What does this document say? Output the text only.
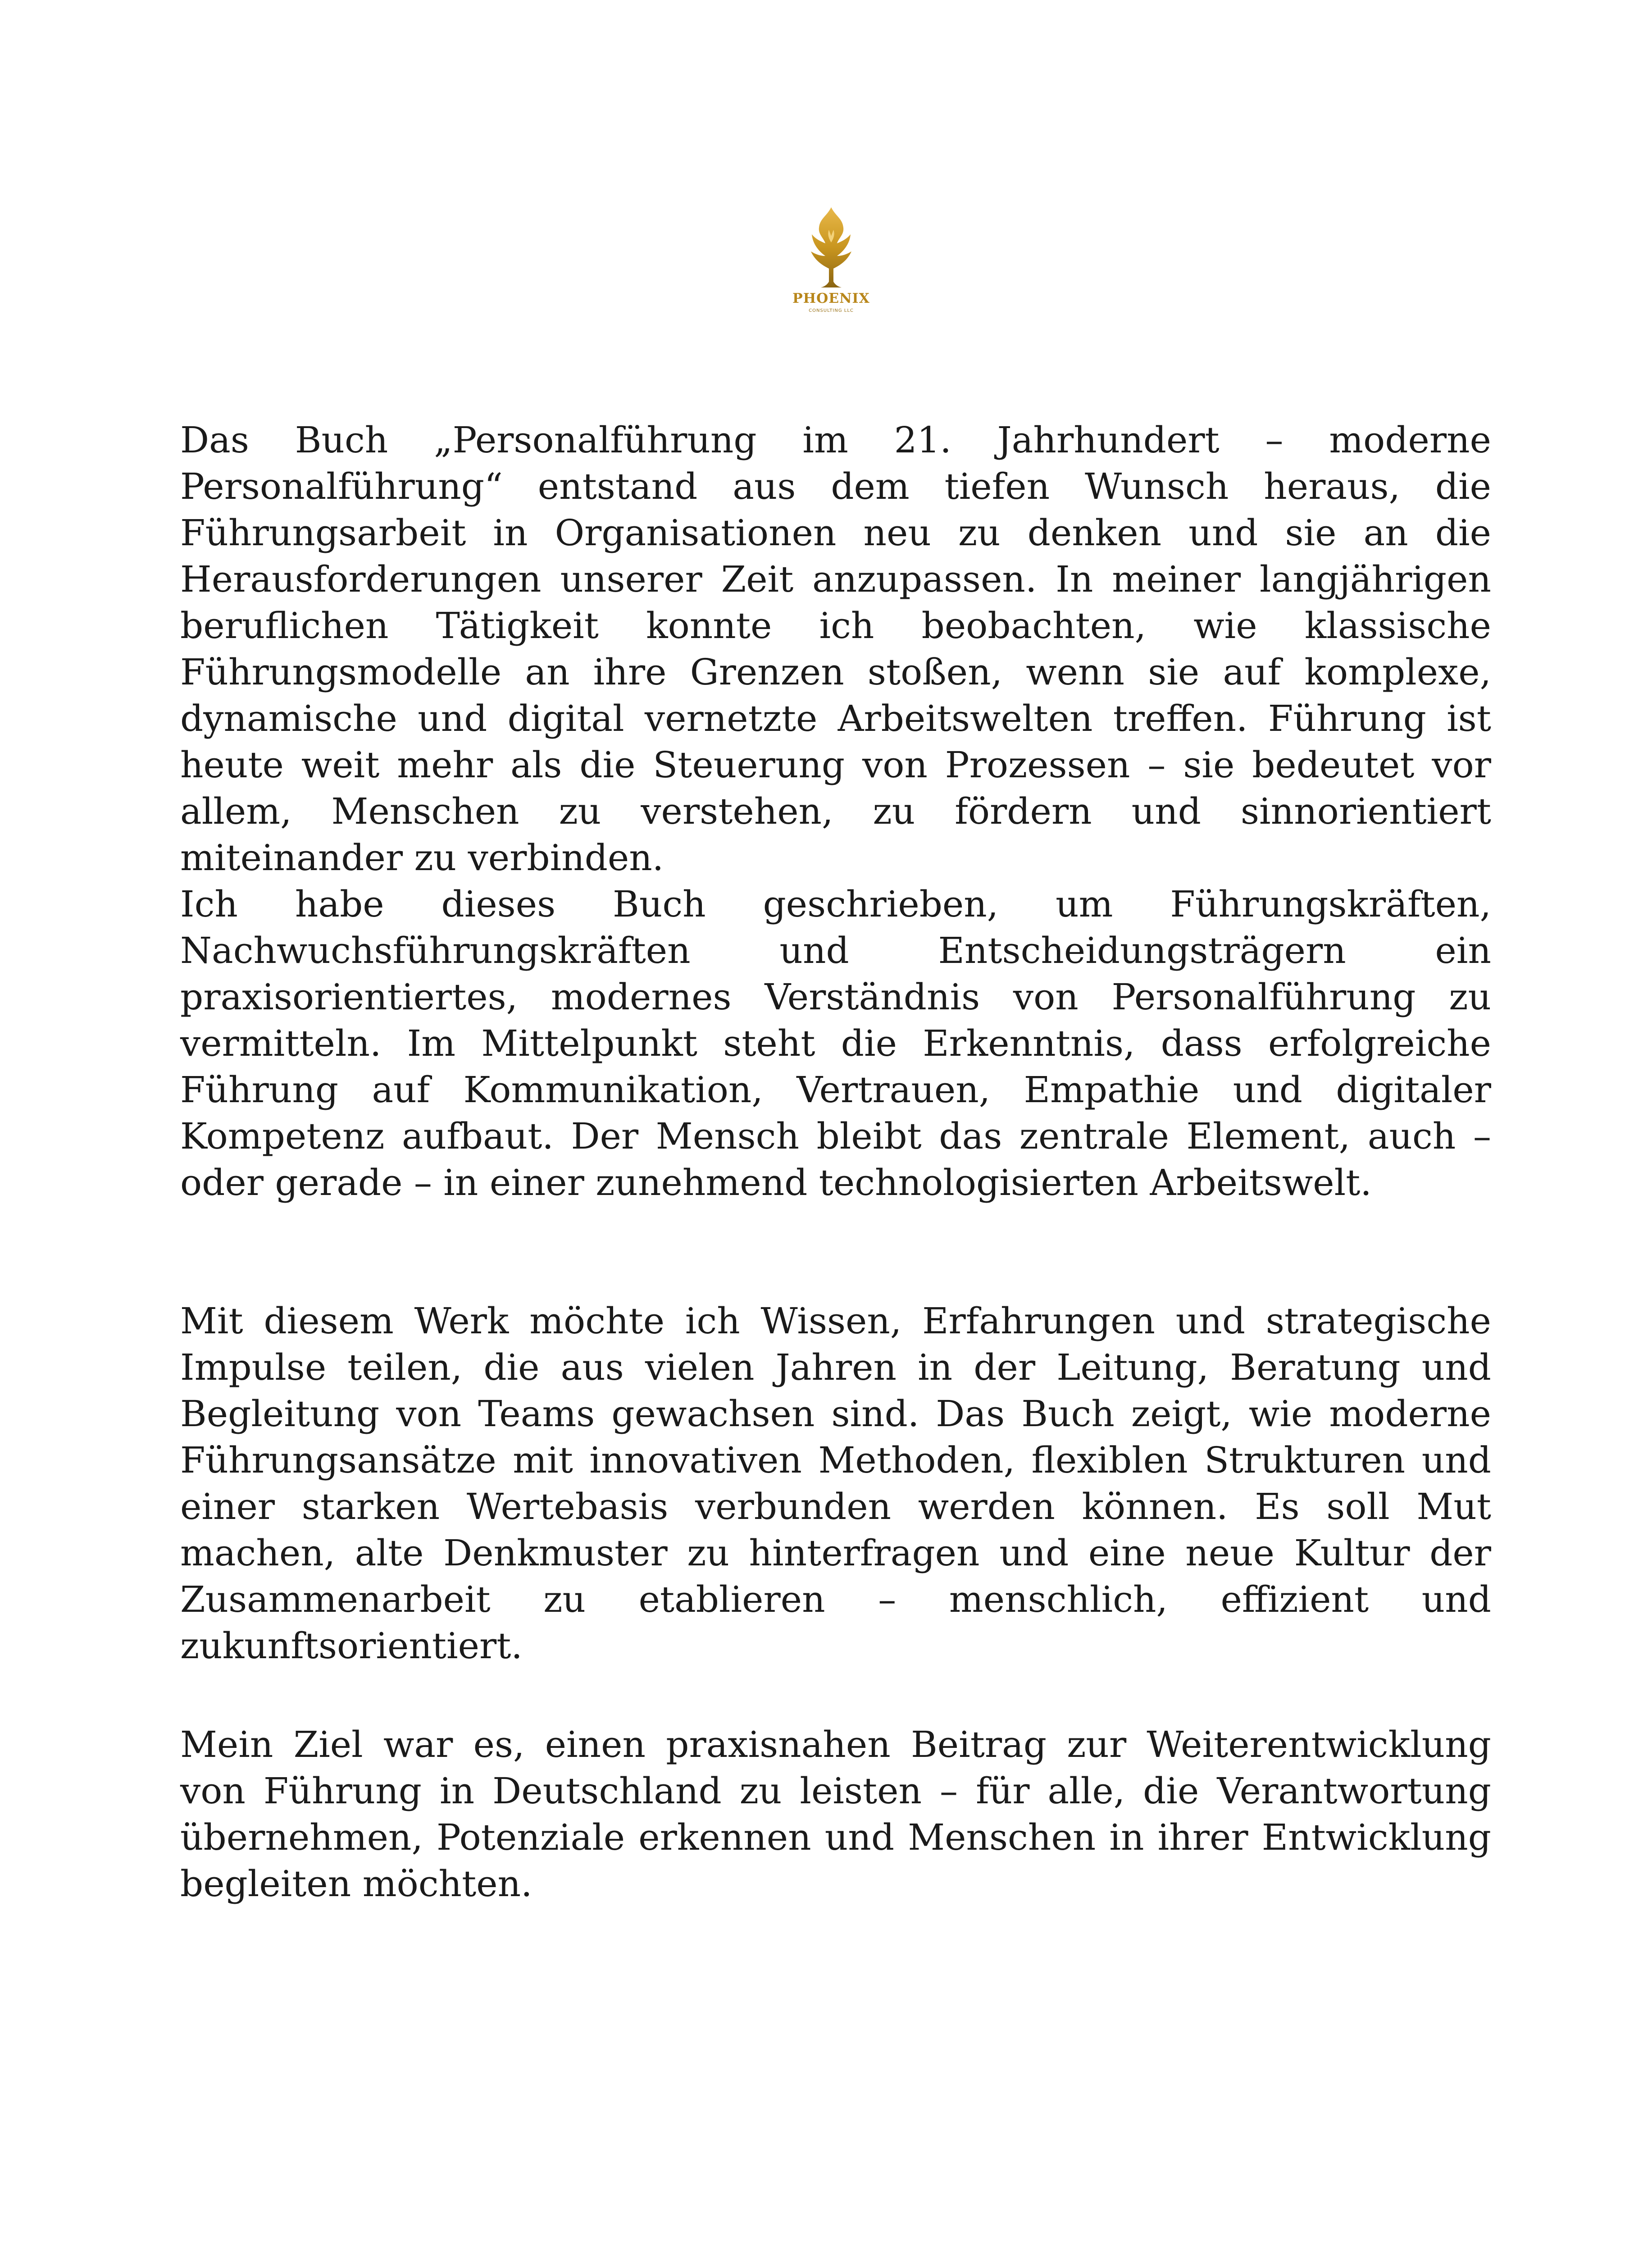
PHOENIX
CONSULTING LLC

Das Buch „Personalführung im 21. Jahrhundert – moderne Personalführung“ entstand aus dem tiefen Wunsch heraus, die Führungsarbeit in Organisationen neu zu denken und sie an die Herausforderungen unserer Zeit anzupassen. In meiner langjährigen beruflichen Tätigkeit konnte ich beobachten, wie klassische Führungsmodelle an ihre Grenzen stoßen, wenn sie auf komplexe, dynamische und digital vernetzte Arbeitswelten treffen. Führung ist heute weit mehr als die Steuerung von Prozessen – sie bedeutet vor allem, Menschen zu verstehen, zu fördern und sinnorientiert miteinander zu verbinden.

Ich habe dieses Buch geschrieben, um Führungskräften, Nachwuchsführungskräften und Entscheidungsträgern ein praxisorientiertes, modernes Verständnis von Personalführung zu vermitteln. Im Mittelpunkt steht die Erkenntnis, dass erfolgreiche Führung auf Kommunikation, Vertrauen, Empathie und digitaler Kompetenz aufbaut. Der Mensch bleibt das zentrale Element, auch – oder gerade – in einer zunehmend technologisierten Arbeitswelt.

Mit diesem Werk möchte ich Wissen, Erfahrungen und strategische Impulse teilen, die aus vielen Jahren in der Leitung, Beratung und Begleitung von Teams gewachsen sind. Das Buch zeigt, wie moderne Führungsansätze mit innovativen Methoden, flexiblen Strukturen und einer starken Wertebasis verbunden werden können. Es soll Mut machen, alte Denkmuster zu hinterfragen und eine neue Kultur der Zusammenarbeit zu etablieren – menschlich, effizient und zukunftsorientiert.

Mein Ziel war es, einen praxisnahen Beitrag zur Weiterentwicklung von Führung in Deutschland zu leisten – für alle, die Verantwortung übernehmen, Potenziale erkennen und Menschen in ihrer Entwicklung begleiten möchten.
